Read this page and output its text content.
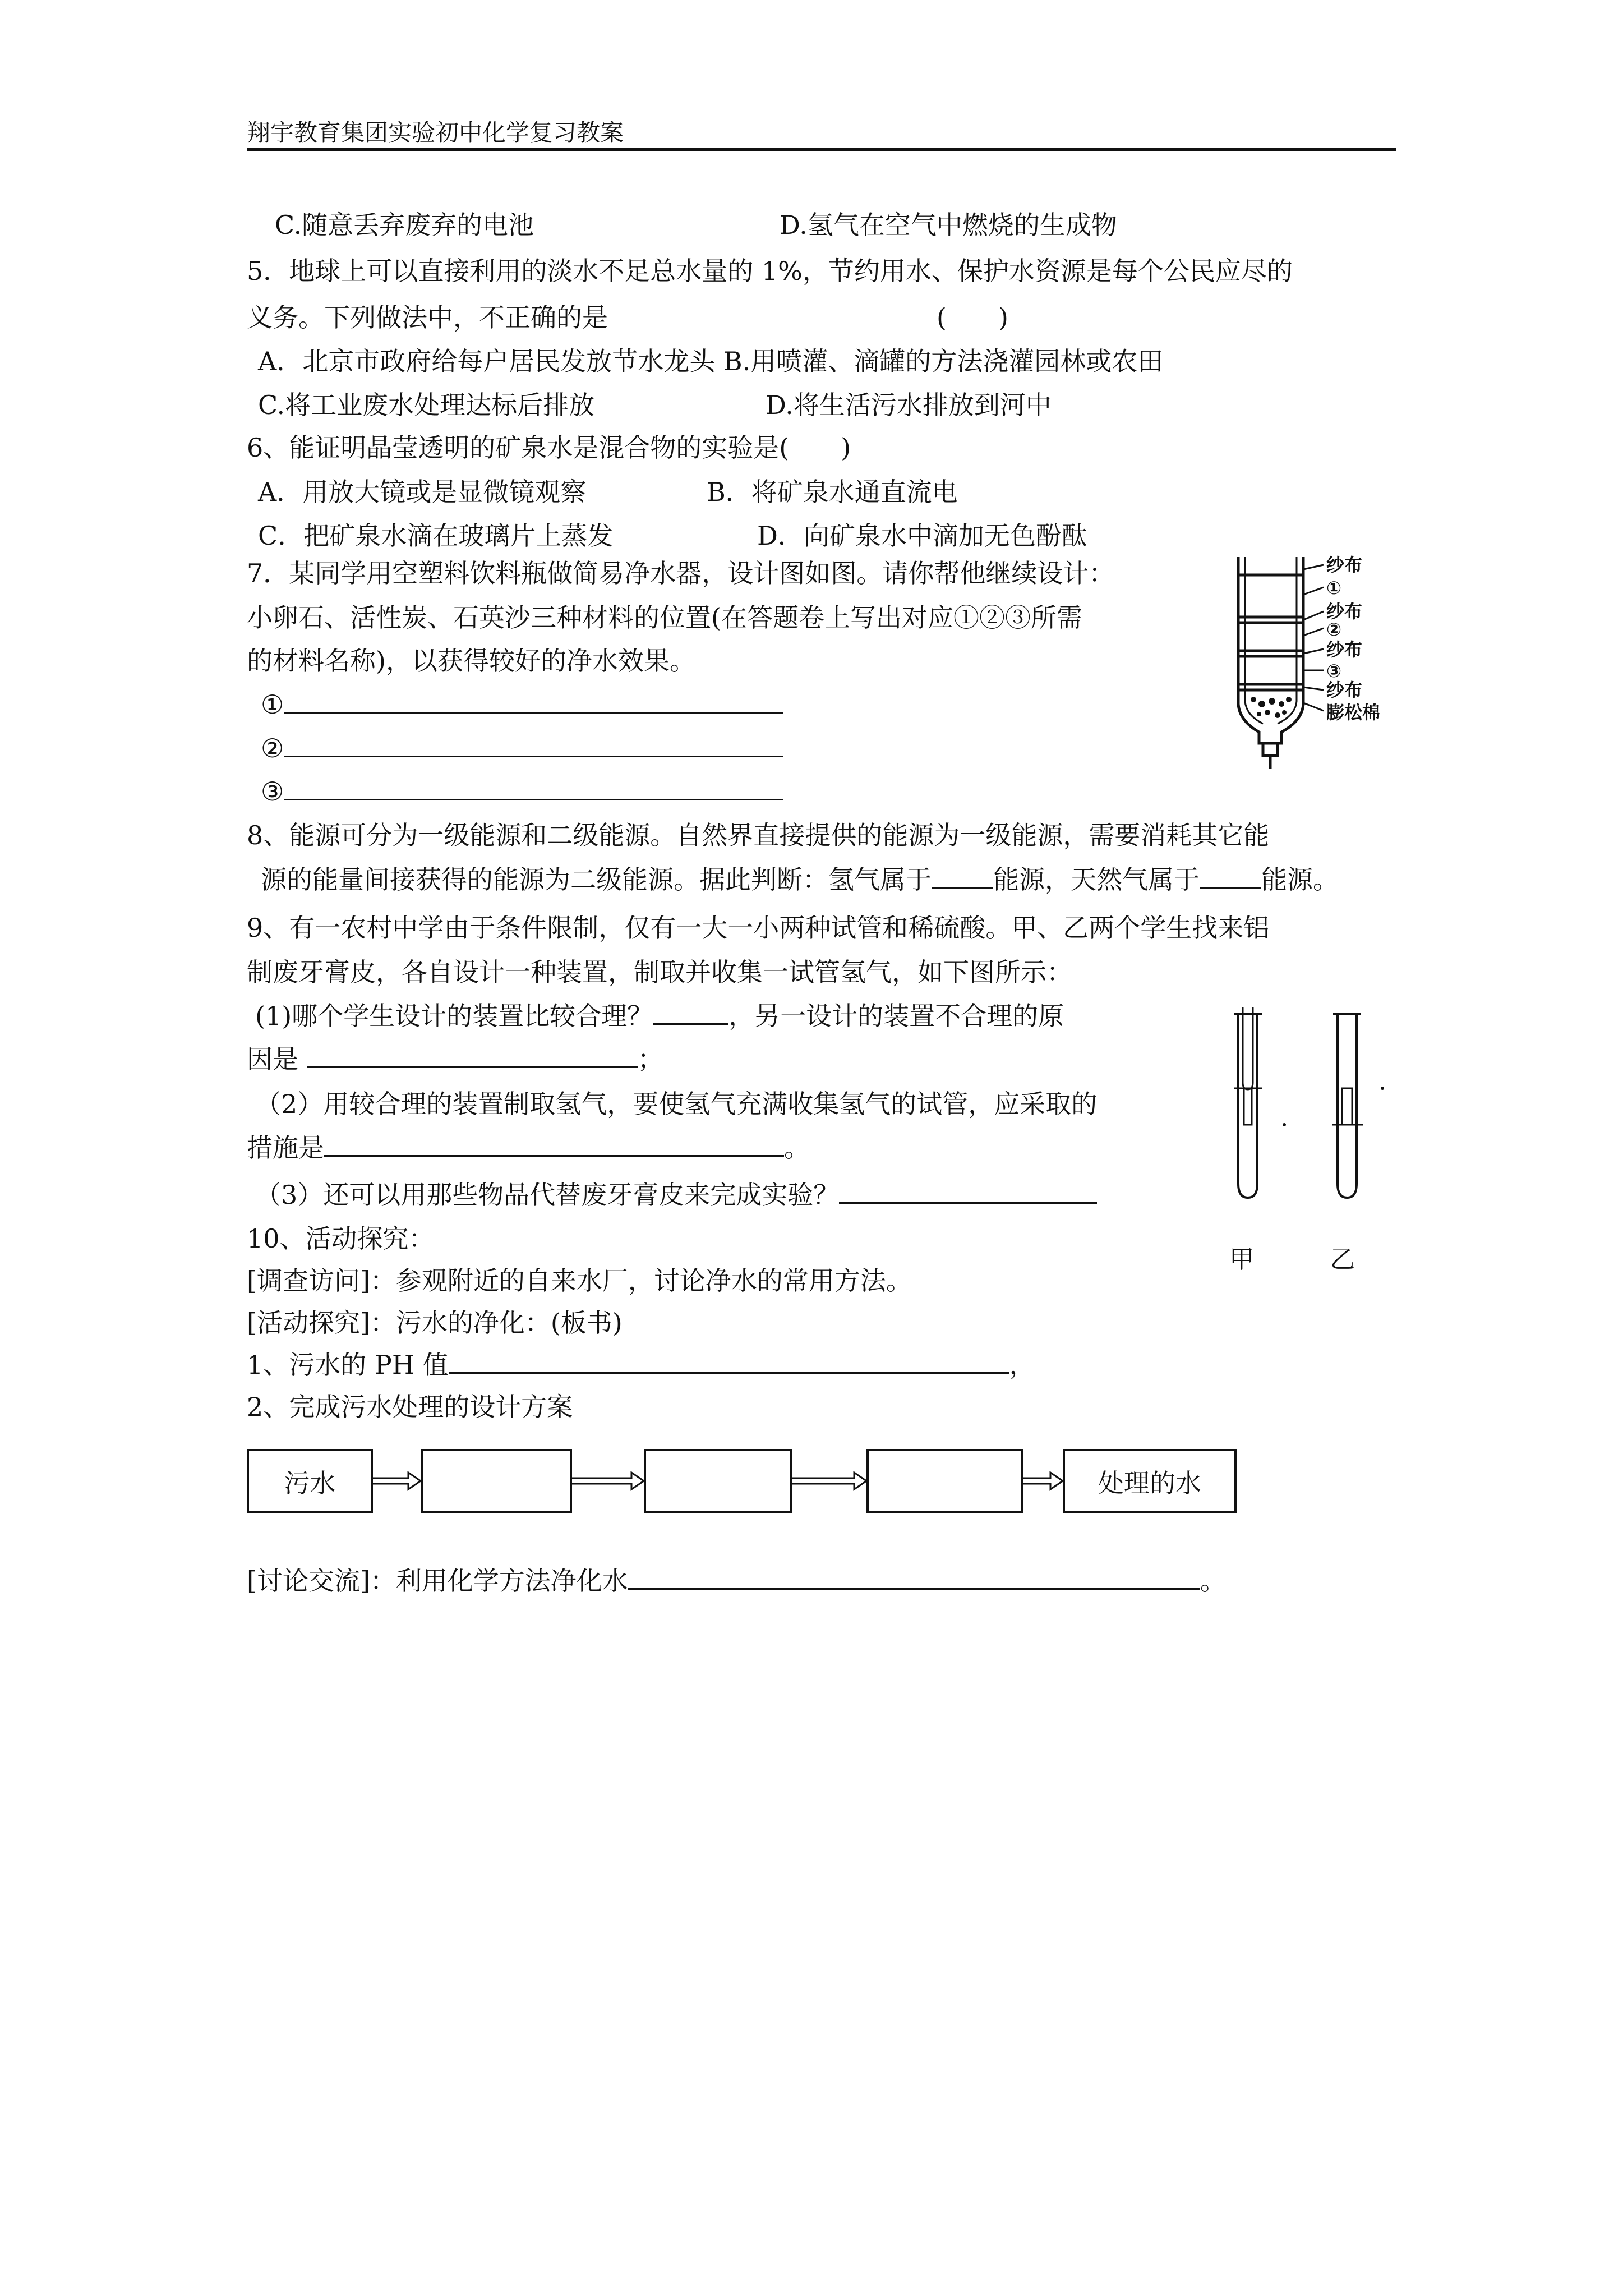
翔宇教育集团实验初中化学复习教案
C.随意丢弃废弃的电池	D.氢气在空气中燃烧的生成物
5．地球上可以直接利用的淡水不足总水量的 1%，节约用水、保护水资源是每个公民应尽的
义务。下列做法中，不正确的是	(　　)
A．北京市政府给每户居民发放节水龙头 B.用喷灌、滴罐的方法浇灌园林或农田
C.将工业废水处理达标后排放	D.将生活污水排放到河中
6、能证明晶莹透明的矿泉水是混合物的实验是(　　)
A．用放大镜或是显微镜观察	B．将矿泉水通直流电
C．把矿泉水滴在玻璃片上蒸发	D．向矿泉水中滴加无色酚酞
7．某同学用空塑料饮料瓶做简易净水器，设计图如图。请你帮他继续设计：
小卵石、活性炭、石英沙三种材料的位置(在答题卷上写出对应①②③所需
的材料名称)，以获得较好的净水效果。
①
②
③
纱布
①
纱布
②
纱布
③
纱布
膨松棉
8、能源可分为一级能源和二级能源。自然界直接提供的能源为一级能源，需要消耗其它能
源的能量间接获得的能源为二级能源。据此判断：氢气属于 能源，天然气属于 能源。
9、有一农村中学由于条件限制，仅有一大一小两种试管和稀硫酸。甲、乙两个学生找来铝
制废牙膏皮，各自设计一种装置，制取并收集一试管氢气，如下图所示：
(1)哪个学生设计的装置比较合理？	，另一设计的装置不合理的原
因是	；
（2）用较合理的装置制取氢气，要使氢气充满收集氢气的试管，应采取的
措施是	。
（3）还可以用那些物品代替废牙膏皮来完成实验？
甲	乙
10、活动探究：
[调查访问]：参观附近的自来水厂，讨论净水的常用方法。
[活动探究]：污水的净化：(板书)
1、污水的 PH 值	，
2、完成污水处理的设计方案
污水	处理的水
[讨论交流]：利用化学方法净化水	。
